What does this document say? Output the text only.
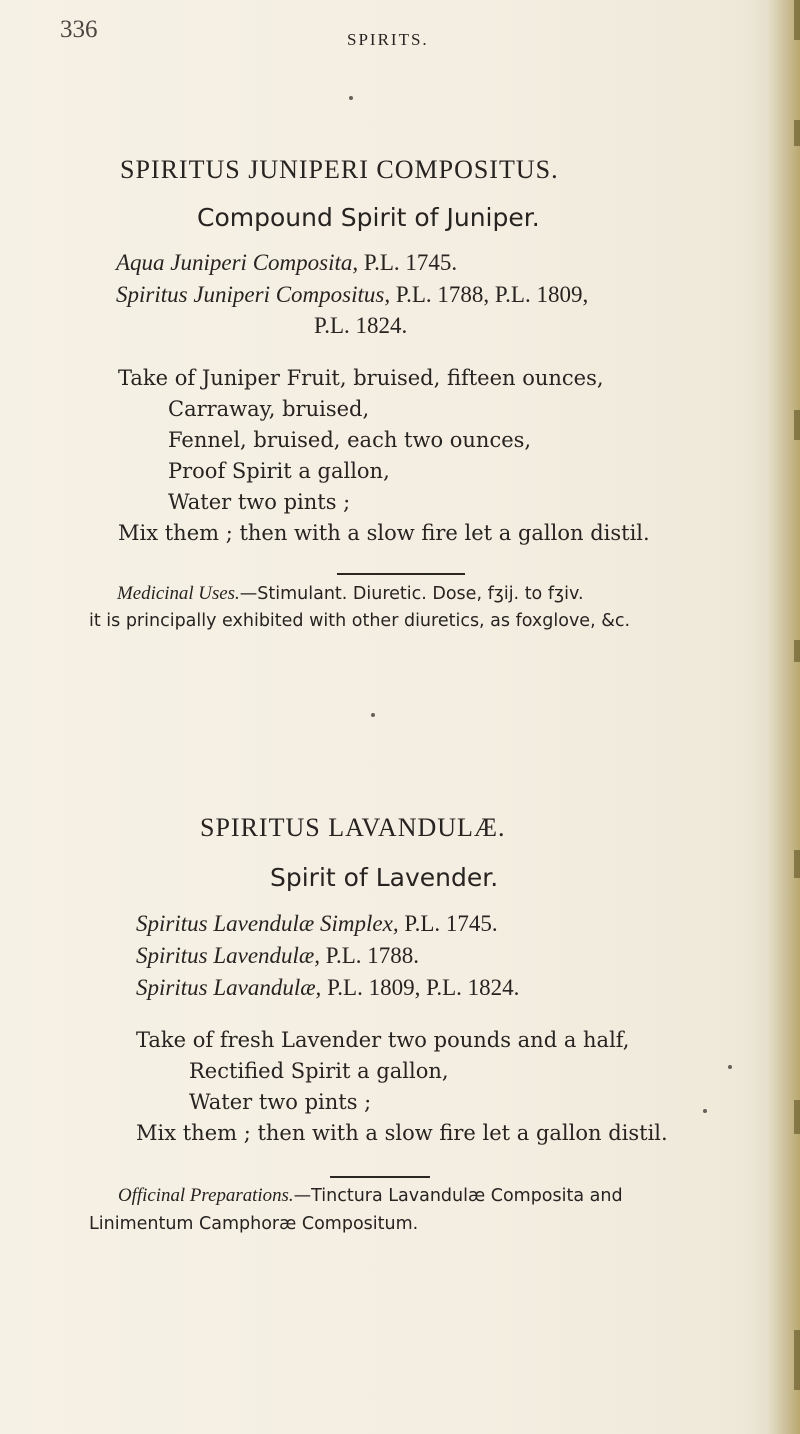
336	SPIRITS.
SPIRITUS JUNIPERI COMPOSITUS.
Compound Spirit of Juniper.
Aqua Juniperi Composita, P.L. 1745.
Spiritus Juniperi Compositus, P.L. 1788, P.L. 1809,
P.L. 1824.
Take of Juniper Fruit, bruised, fifteen ounces,
Carraway, bruised,
Fennel, bruised, each two ounces,
Proof Spirit a gallon,
Water two pints ;
Mix them ; then with a slow fire let a gallon distil.
Medicinal Uses.—Stimulant. Diuretic. Dose, fʒij. to fʒiv.
it is principally exhibited with other diuretics, as foxglove, &c.
SPIRITUS LAVANDULÆ.
Spirit of Lavender.
Spiritus Lavendulæ Simplex, P.L. 1745.
Spiritus Lavendulæ, P.L. 1788.
Spiritus Lavandulæ, P.L. 1809, P.L. 1824.
Take of fresh Lavender two pounds and a half,
Rectified Spirit a gallon,
Water two pints ;
Mix them ; then with a slow fire let a gallon distil.
Officinal Preparations.—Tinctura Lavandulæ Composita and
Linimentum Camphoræ Compositum.
